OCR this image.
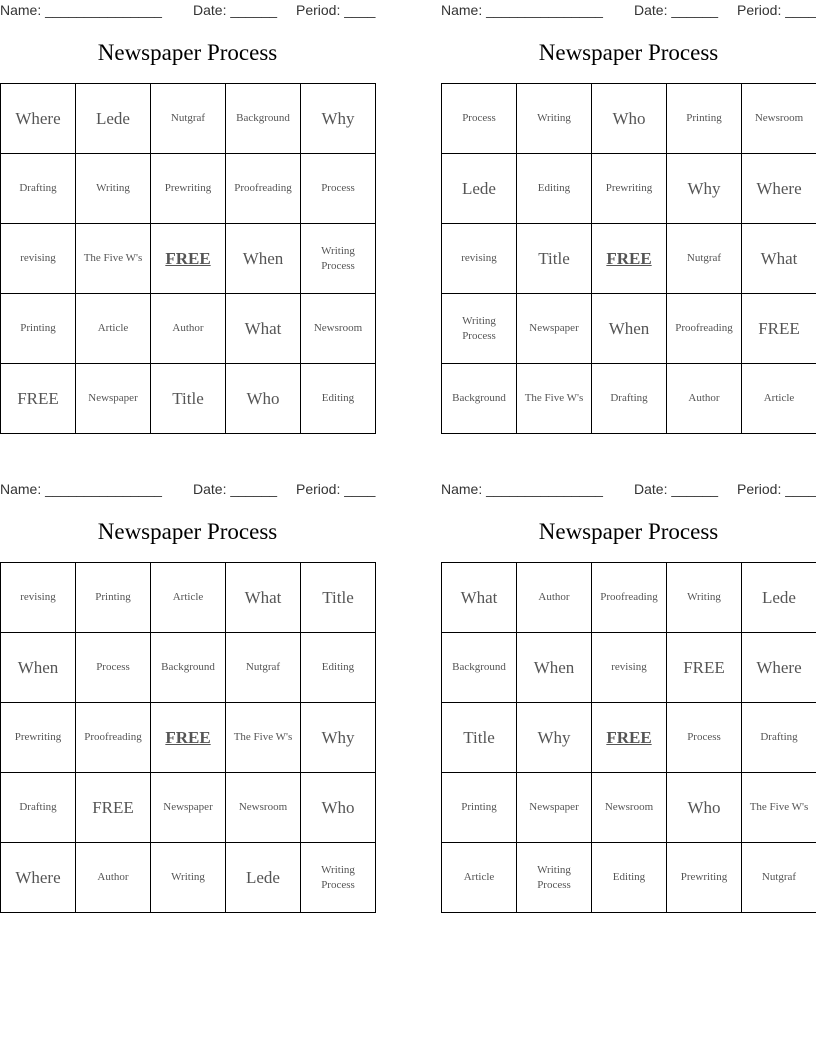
Name: _______________ Date: ______ Period: ____
Newspaper Process
Where	Lede	Nutgraf	Background	Why
Drafting	Writing	Prewriting	Proofreading	Process
revising	The Five W's	FREE	When	Writing Process
Printing	Article	Author	What	Newsroom
FREE	Newspaper	Title	Who	Editing
Name: _______________ Date: ______ Period: ____
Newspaper Process
Process	Writing	Who	Printing	Newsroom
Lede	Editing	Prewriting	Why	Where
revising	Title	FREE	Nutgraf	What
Writing Process	Newspaper	When	Proofreading	FREE
Background	The Five W's	Drafting	Author	Article
Name: _______________ Date: ______ Period: ____
Newspaper Process
revising	Printing	Article	What	Title
When	Process	Background	Nutgraf	Editing
Prewriting	Proofreading	FREE	The Five W's	Why
Drafting	FREE	Newspaper	Newsroom	Who
Where	Author	Writing	Lede	Writing Process
Name: _______________ Date: ______ Period: ____
Newspaper Process
What	Author	Proofreading	Writing	Lede
Background	When	revising	FREE	Where
Title	Why	FREE	Process	Drafting
Printing	Newspaper	Newsroom	Who	The Five W's
Article	Writing Process	Editing	Prewriting	Nutgraf
